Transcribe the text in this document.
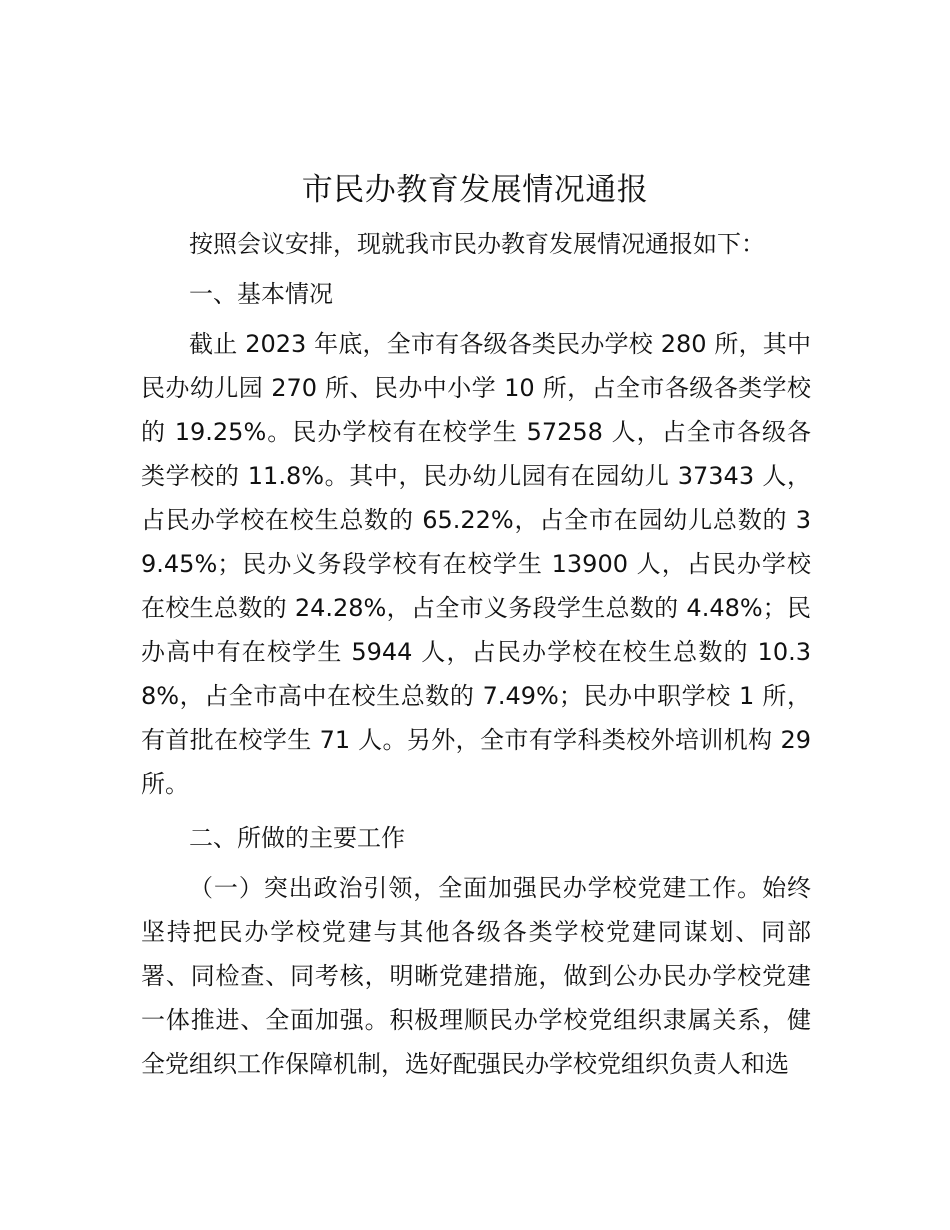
市民办教育发展情况通报

按照会议安排，现就我市民办教育发展情况通报如下：

一、基本情况

截止 2023 年底，全市有各级各类民办学校 280 所，其中民办幼儿园 270 所、民办中小学 10 所，占全市各级各类学校的 19.25%。民办学校有在校学生 57258 人，占全市各级各类学校的 11.8%。其中，民办幼儿园有在园幼儿 37343 人，占民办学校在校生总数的 65.22%，占全市在园幼儿总数的 39.45%；民办义务段学校有在校学生 13900 人，占民办学校在校生总数的 24.28%，占全市义务段学生总数的 4.48%；民办高中有在校学生 5944 人，占民办学校在校生总数的 10.38%，占全市高中在校生总数的 7.49%；民办中职学校 1 所，有首批在校学生 71 人。另外，全市有学科类校外培训机构 29 所。

二、所做的主要工作

（一）突出政治引领，全面加强民办学校党建工作。始终坚持把民办学校党建与其他各级各类学校党建同谋划、同部署、同检查、同考核，明晰党建措施，做到公办民办学校党建一体推进、全面加强。积极理顺民办学校党组织隶属关系，健全党组织工作保障机制，选好配强民办学校党组织负责人和选
